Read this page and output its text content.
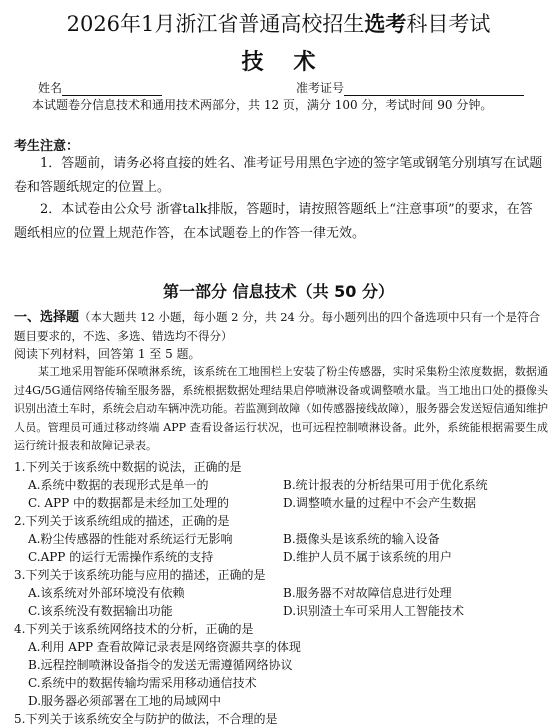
2026年1月浙江省普通高校招生选考科目考试
技术
姓名	准考证号
本试题卷分信息技术和通用技术两部分，共 12 页，满分 100 分，考试时间 90 分钟。
考生注意：
1．答题前，请务必将直接的姓名、准考证号用黑色字迹的签字笔或钢笔分别填写在试题卷和答题纸规定的位置上。
2．本试卷由公众号 浙睿talk排版，答题时，请按照答题纸上“注意事项”的要求，在答题纸相应的位置上规范作答，在本试题卷上的作答一律无效。
第一部分 信息技术（共 50 分）
一、选择题（本大题共 12 小题，每小题 2 分，共 24 分。每小题列出的四个备选项中只有一个是符合题目要求的，不选、多选、错选均不得分）
阅读下列材料，回答第 1 至 5 题。
某工地采用智能环保喷淋系统，该系统在工地围栏上安装了粉尘传感器，实时采集粉尘浓度数据，数据通过4G/5G通信网络传输至服务器，系统根据数据处理结果启停喷淋设备或调整喷水量。当工地出口处的摄像头识别出渣土车时，系统会启动车辆冲洗功能。若监测到故障（如传感器接线故障），服务器会发送短信通知维护人员。管理员可通过移动终端 APP 查看设备运行状况，也可远程控制喷淋设备。此外，系统能根据需要生成运行统计报表和故障记录表。
1.下列关于该系统中数据的说法，正确的是
A.系统中数据的表现形式是单一的	B.统计报表的分析结果可用于优化系统
C. APP 中的数据都是未经加工处理的	D.调整喷水量的过程中不会产生数据
2.下列关于该系统组成的描述，正确的是
A.粉尘传感器的性能对系统运行无影响	B.摄像头是该系统的输入设备
C.APP 的运行无需操作系统的支持	D.维护人员不属于该系统的用户
3.下列关于该系统功能与应用的描述，正确的是
A.该系统对外部环境没有依赖	B.服务器不对故障信息进行处理
C.该系统没有数据输出功能	D.识别渣土车可采用人工智能技术
4.下列关于该系统网络技术的分析，正确的是
A.利用 APP 查看故障记录表是网络资源共享的体现
B.远程控制喷淋设备指令的发送无需遵循网络协议
C.系统中的数据传输均需采用移动通信技术
D.服务器必须部署在工地的局域网中
5.下列关于该系统安全与防护的做法，不合理的是
